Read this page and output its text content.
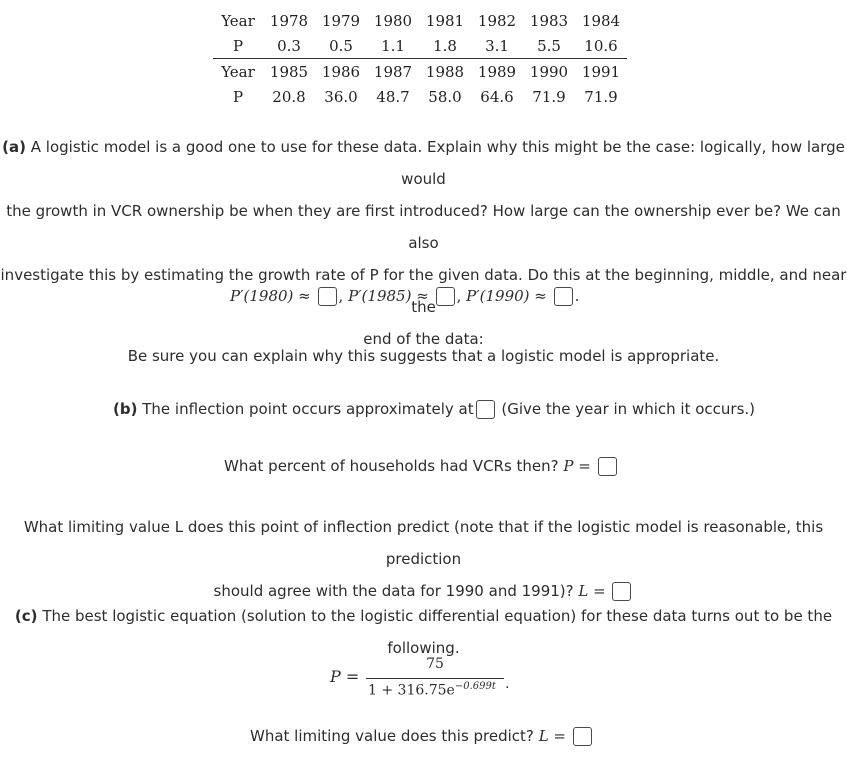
Year	1978	1979	1980	1981	1982	1983	1984
P	0.3	0.5	1.1	1.8	3.1	5.5	10.6
Year	1985	1986	1987	1988	1989	1990	1991
P	20.8	36.0	48.7	58.0	64.6	71.9	71.9
(a) A logistic model is a good one to use for these data. Explain why this might be the case: logically, how large would
the growth in VCR ownership be when they are first introduced? How large can the ownership ever be? We can also
investigate this by estimating the growth rate of P for the given data. Do this at the beginning, middle, and near the
end of the data:
P′(1980) ≈ , P′(1985) ≈ , P′(1990) ≈ .
Be sure you can explain why this suggests that a logistic model is appropriate.
(b) The inflection point occurs approximately at (Give the year in which it occurs.)
What percent of households had VCRs then? P =
What limiting value L does this point of inflection predict (note that if the logistic model is reasonable, this prediction
should agree with the data for 1990 and 1991)? L =
(c) The best logistic equation (solution to the logistic differential equation) for these data turns out to be the following.
P =
75
$1 + 316.75e^{-0.699t}$ .
What limiting value does this predict? L =
